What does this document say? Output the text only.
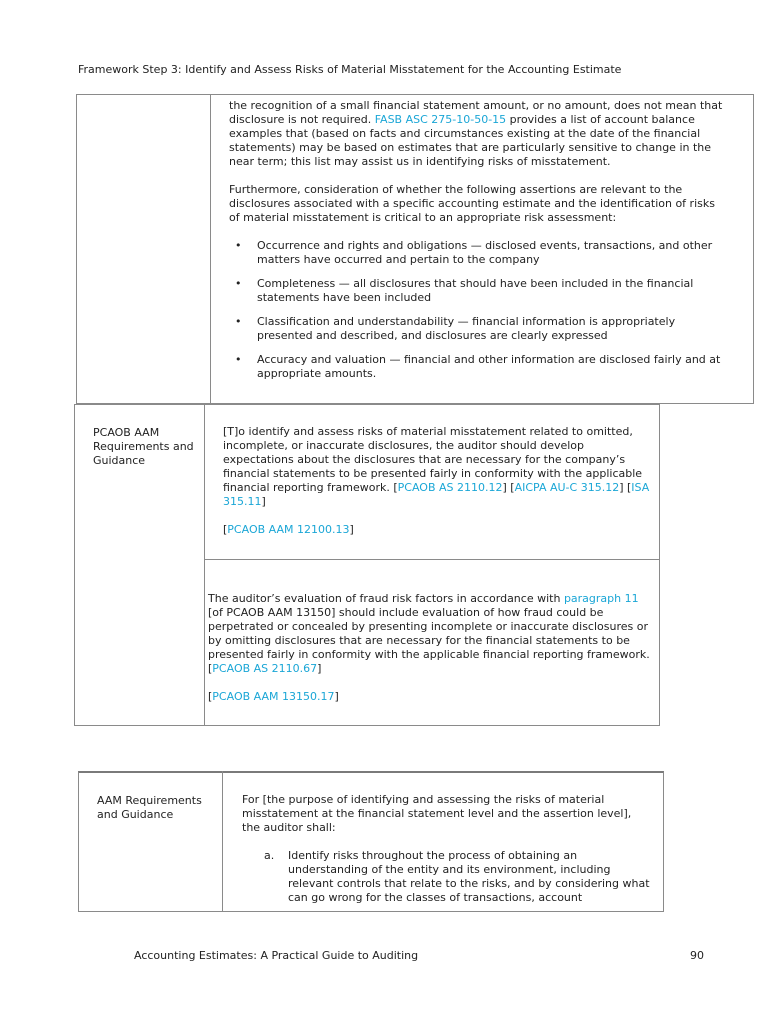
Framework Step 3: Identify and Assess Risks of Material Misstatement for the Accounting Estimate

the recognition of a small financial statement amount, or no amount, does not mean that disclosure is not required. FASB ASC 275-10-50-15 provides a list of account balance examples that (based on facts and circumstances existing at the date of the financial statements) may be based on estimates that are particularly sensitive to change in the near term; this list may assist us in identifying risks of misstatement.

Furthermore, consideration of whether the following assertions are relevant to the disclosures associated with a specific accounting estimate and the identification of risks of material misstatement is critical to an appropriate risk assessment:

• Occurrence and rights and obligations — disclosed events, transactions, and other matters have occurred and pertain to the company
• Completeness — all disclosures that should have been included in the financial statements have been included
• Classification and understandability — financial information is appropriately presented and described, and disclosures are clearly expressed
• Accuracy and valuation — financial and other information are disclosed fairly and at appropriate amounts.
PCAOB AAM Requirements and Guidance

[T]o identify and assess risks of material misstatement related to omitted, incomplete, or inaccurate disclosures, the auditor should develop expectations about the disclosures that are necessary for the company’s financial statements to be presented fairly in conformity with the applicable financial reporting framework. [PCAOB AS 2110.12] [AICPA AU-C 315.12] [ISA 315.11]

[PCAOB AAM 12100.13]

The auditor’s evaluation of fraud risk factors in accordance with paragraph 11 [of PCAOB AAM 13150] should include evaluation of how fraud could be perpetrated or concealed by presenting incomplete or inaccurate disclosures or by omitting disclosures that are necessary for the financial statements to be presented fairly in conformity with the applicable financial reporting framework. [PCAOB AS 2110.67]

[PCAOB AAM 13150.17]

AAM Requirements and Guidance

For [the purpose of identifying and assessing the risks of material misstatement at the financial statement level and the assertion level], the auditor shall:

a. Identify risks throughout the process of obtaining an understanding of the entity and its environment, including relevant controls that relate to the risks, and by considering what can go wrong for the classes of transactions, account
Accounting Estimates: A Practical Guide to Auditing	90
